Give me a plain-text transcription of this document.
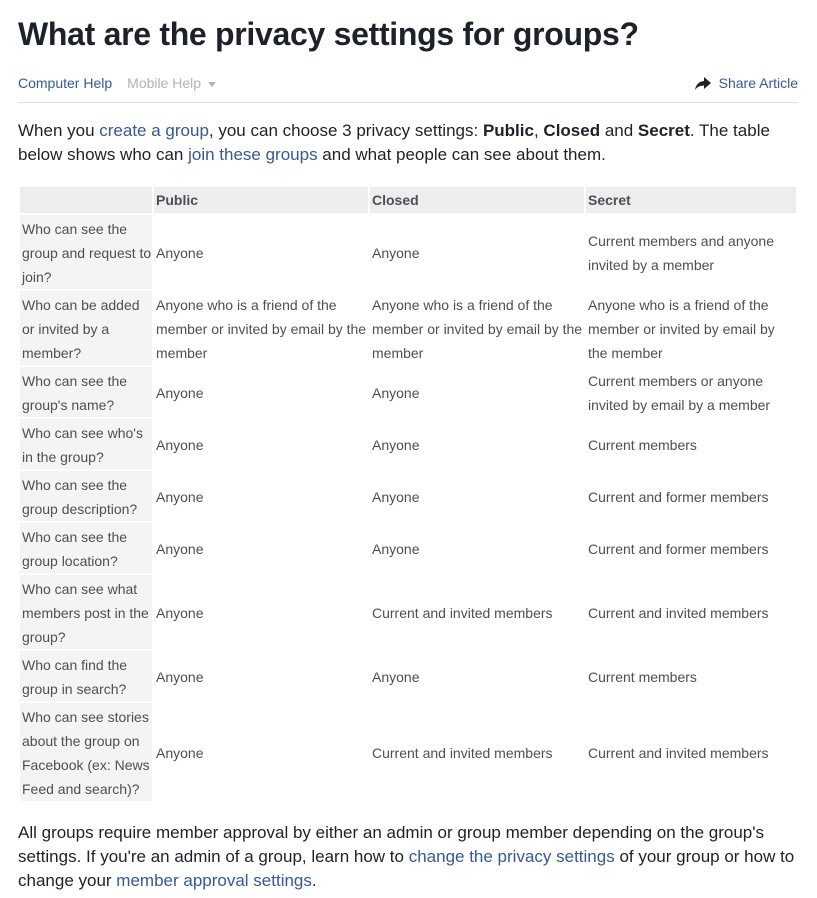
What are the privacy settings for groups?
Computer Help Mobile Help	Share Article

When you create a group, you can choose 3 privacy settings: Public, Closed and Secret. The table below shows who can join these groups and what people can see about them.

	Public	Closed	Secret
Who can see the group and request to join?	Anyone	Anyone	Current members and anyone invited by a member
Who can be added or invited by a member?	Anyone who is a friend of the member or invited by email by the member	Anyone who is a friend of the member or invited by email by the member	Anyone who is a friend of the member or invited by email by the member
Who can see the group's name?	Anyone	Anyone	Current members or anyone invited by email by a member
Who can see who's in the group?	Anyone	Anyone	Current members
Who can see the group description?	Anyone	Anyone	Current and former members
Who can see the group location?	Anyone	Anyone	Current and former members
Who can see what members post in the group?	Anyone	Current and invited members	Current and invited members
Who can find the group in search?	Anyone	Anyone	Current members
Who can see stories about the group on Facebook (ex: News Feed and search)?	Anyone	Current and invited members	Current and invited members

All groups require member approval by either an admin or group member depending on the group's settings. If you're an admin of a group, learn how to change the privacy settings of your group or how to change your member approval settings.
